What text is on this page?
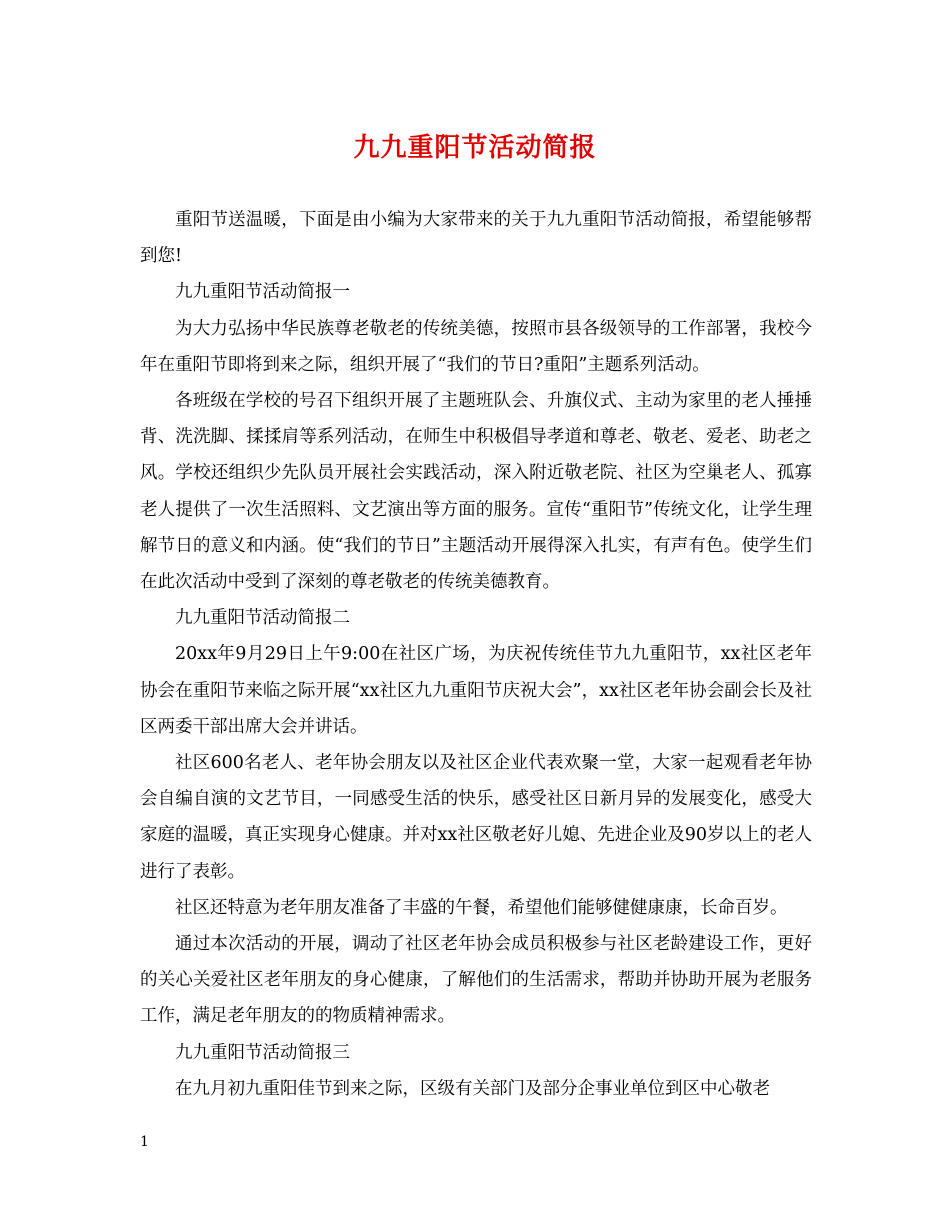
九九重阳节活动简报

重阳节送温暖，下面是由小编为大家带来的关于九九重阳节活动简报，希望能够帮到您!

九九重阳节活动简报一

为大力弘扬中华民族尊老敬老的传统美德，按照市县各级领导的工作部署，我校今年在重阳节即将到来之际，组织开展了“我们的节日?重阳”主题系列活动。

各班级在学校的号召下组织开展了主题班队会、升旗仪式、主动为家里的老人捶捶背、洗洗脚、揉揉肩等系列活动，在师生中积极倡导孝道和尊老、敬老、爱老、助老之风。学校还组织少先队员开展社会实践活动，深入附近敬老院、社区为空巢老人、孤寡老人提供了一次生活照料、文艺演出等方面的服务。宣传“重阳节”传统文化，让学生理解节日的意义和内涵。使“我们的节日”主题活动开展得深入扎实，有声有色。使学生们在此次活动中受到了深刻的尊老敬老的传统美德教育。

九九重阳节活动简报二

20xx年9月29日上午9:00在社区广场，为庆祝传统佳节九九重阳节，xx社区老年协会在重阳节来临之际开展“xx社区九九重阳节庆祝大会”，xx社区老年协会副会长及社区两委干部出席大会并讲话。

社区600名老人、老年协会朋友以及社区企业代表欢聚一堂，大家一起观看老年协会自编自演的文艺节目，一同感受生活的快乐，感受社区日新月异的发展变化，感受大家庭的温暖，真正实现身心健康。并对xx社区敬老好儿媳、先进企业及90岁以上的老人进行了表彰。

社区还特意为老年朋友准备了丰盛的午餐，希望他们能够健健康康，长命百岁。

通过本次活动的开展，调动了社区老年协会成员积极参与社区老龄建设工作，更好的关心关爱社区老年朋友的身心健康，了解他们的生活需求，帮助并协助开展为老服务工作，满足老年朋友的的物质精神需求。

九九重阳节活动简报三

在九月初九重阳佳节到来之际，区级有关部门及部分企事业单位到区中心敬老

1
